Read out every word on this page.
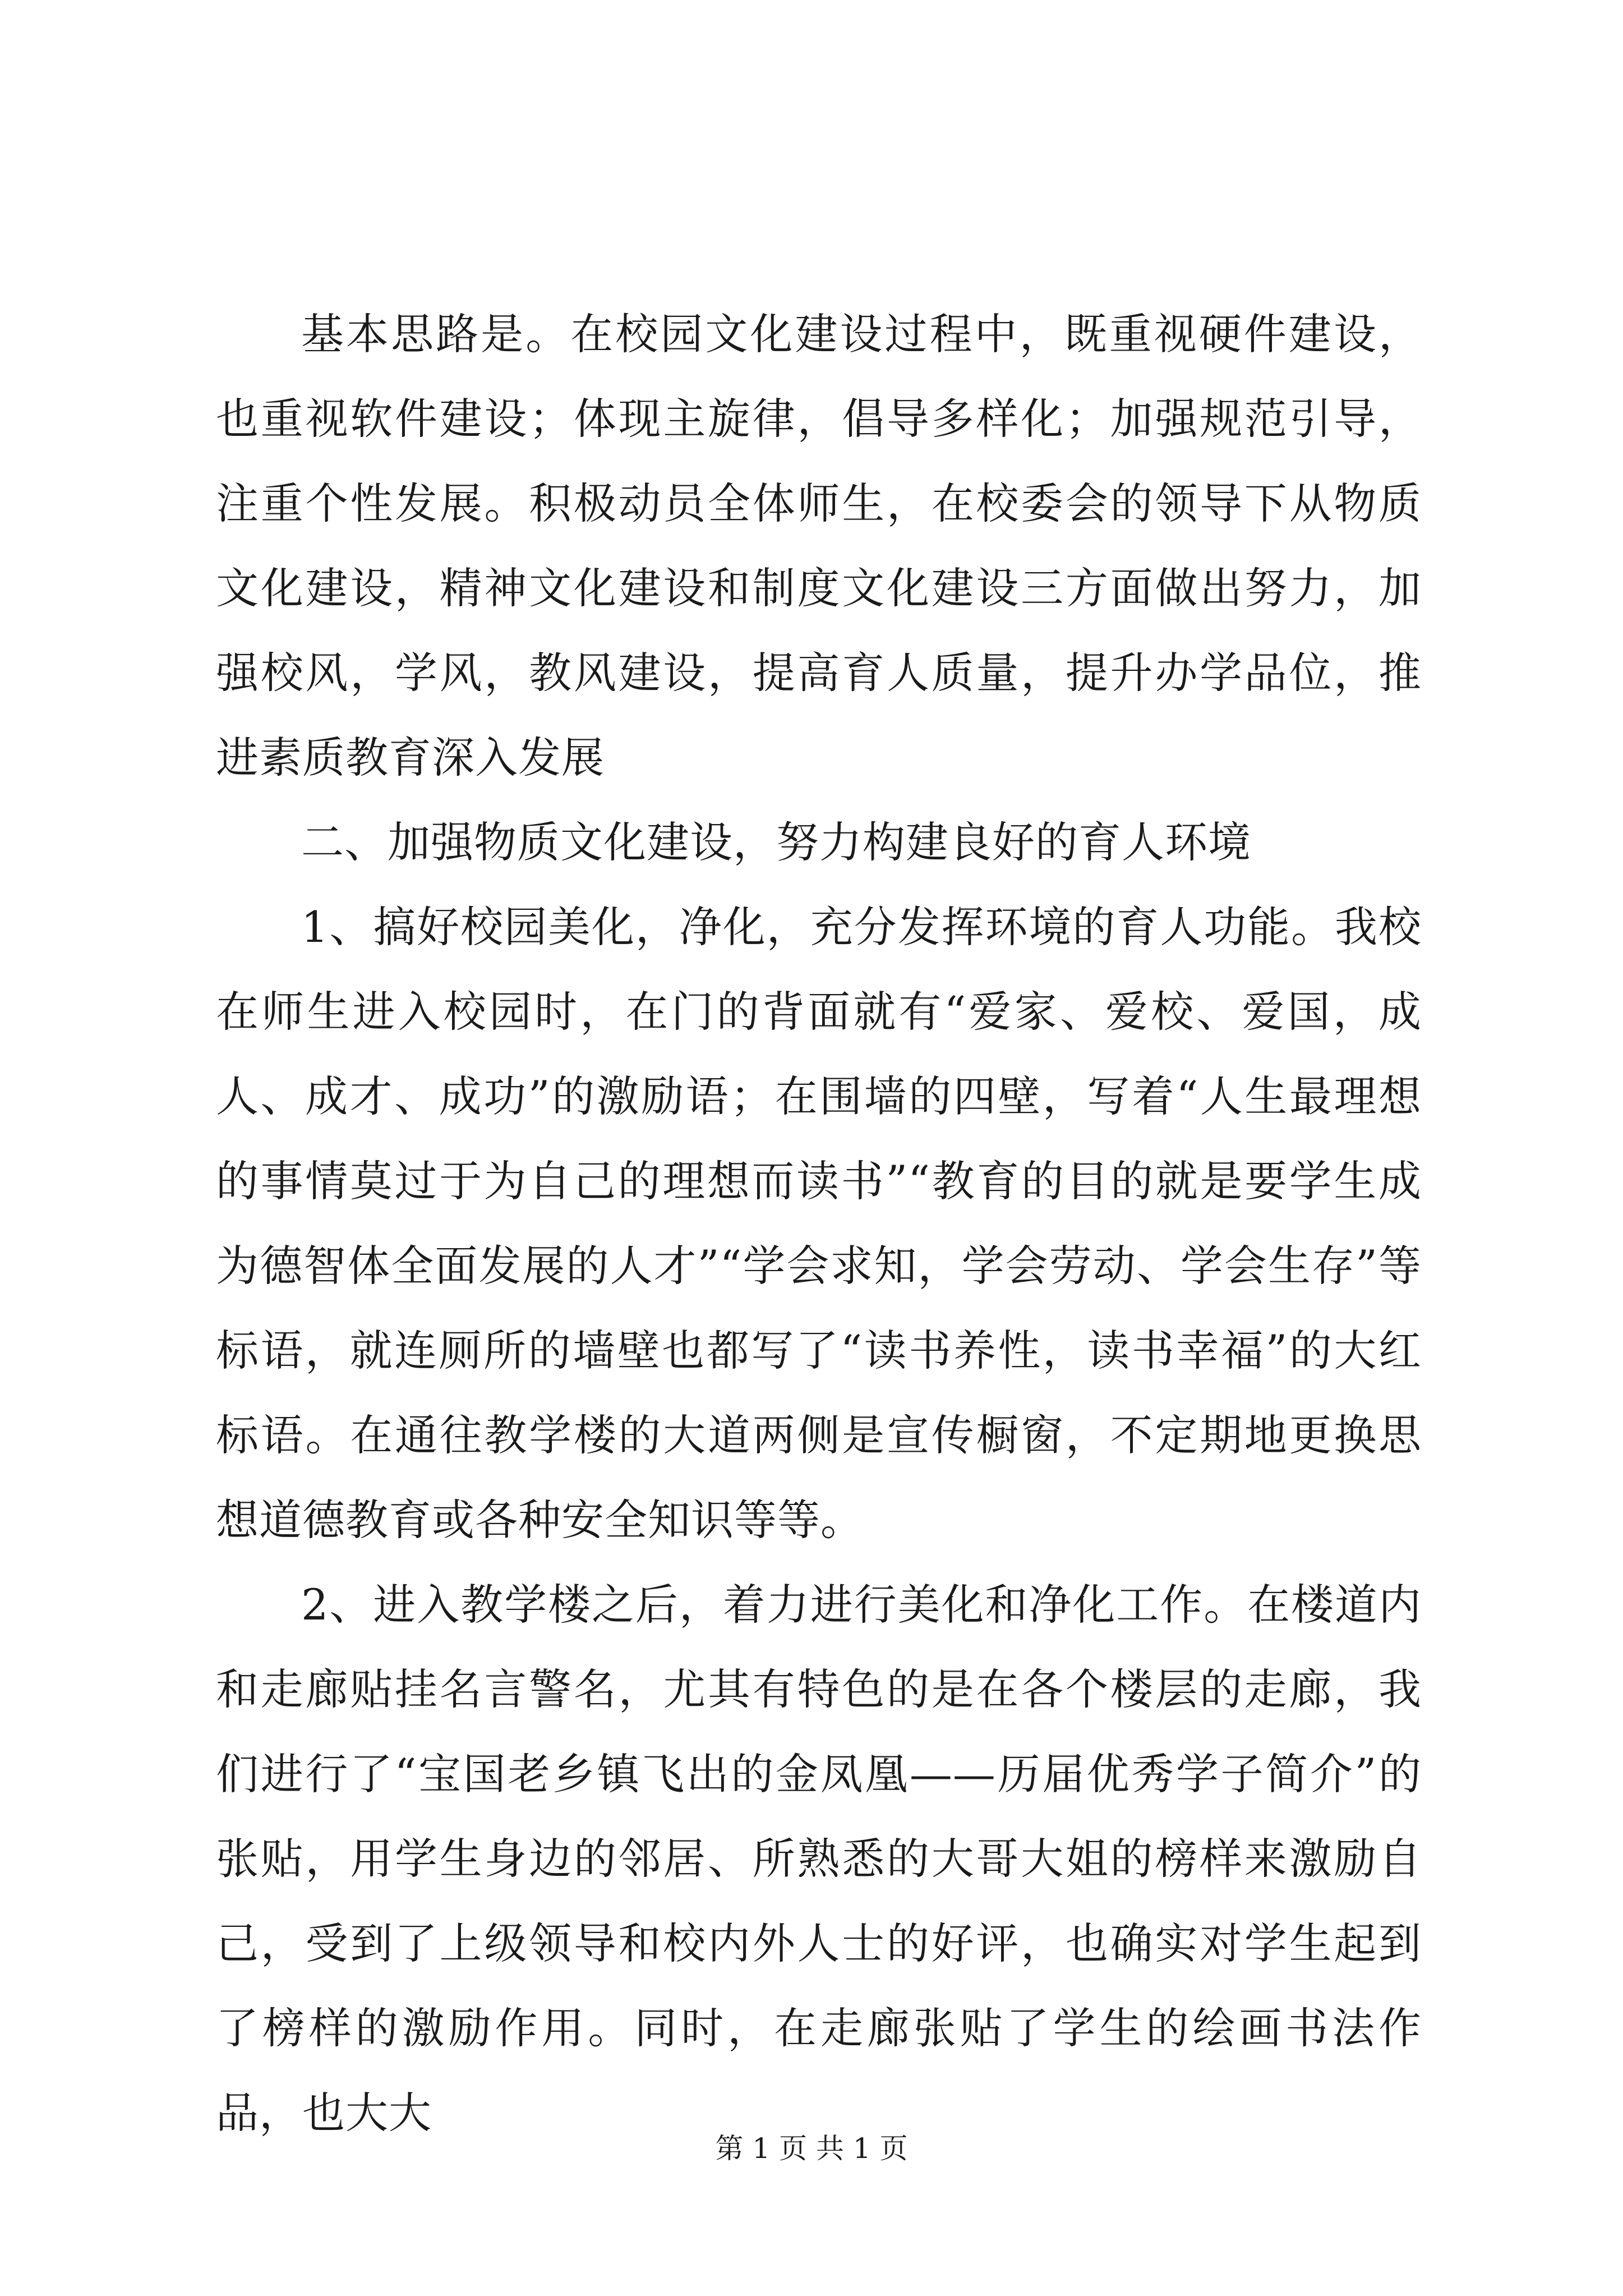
基本思路是。在校园文化建设过程中，既重视硬件建设，也重视软件建设；体现主旋律，倡导多样化；加强规范引导，注重个性发展。积极动员全体师生，在校委会的领导下从物质文化建设，精神文化建设和制度文化建设三方面做出努力，加强校风，学风，教风建设，提高育人质量，提升办学品位，推进素质教育深入发展

二、加强物质文化建设，努力构建良好的育人环境

1、搞好校园美化，净化，充分发挥环境的育人功能。我校在师生进入校园时，在门的背面就有“爱家、爱校、爱国，成人、成才、成功”的激励语；在围墙的四壁，写着“人生最理想的事情莫过于为自己的理想而读书”“教育的目的就是要学生成为德智体全面发展的人才”“学会求知，学会劳动、学会生存”等标语，就连厕所的墙壁也都写了“读书养性，读书幸福”的大红标语。在通往教学楼的大道两侧是宣传橱窗，不定期地更换思想道德教育或各种安全知识等等。

2、进入教学楼之后，着力进行美化和净化工作。在楼道内和走廊贴挂名言警名，尤其有特色的是在各个楼层的走廊，我们进行了“宝国老乡镇飞出的金凤凰——历届优秀学子简介”的张贴，用学生身边的邻居、所熟悉的大哥大姐的榜样来激励自己，受到了上级领导和校内外人士的好评，也确实对学生起到了榜样的激励作用。同时，在走廊张贴了学生的绘画书法作品，也大大

第 1 页 共 1 页
